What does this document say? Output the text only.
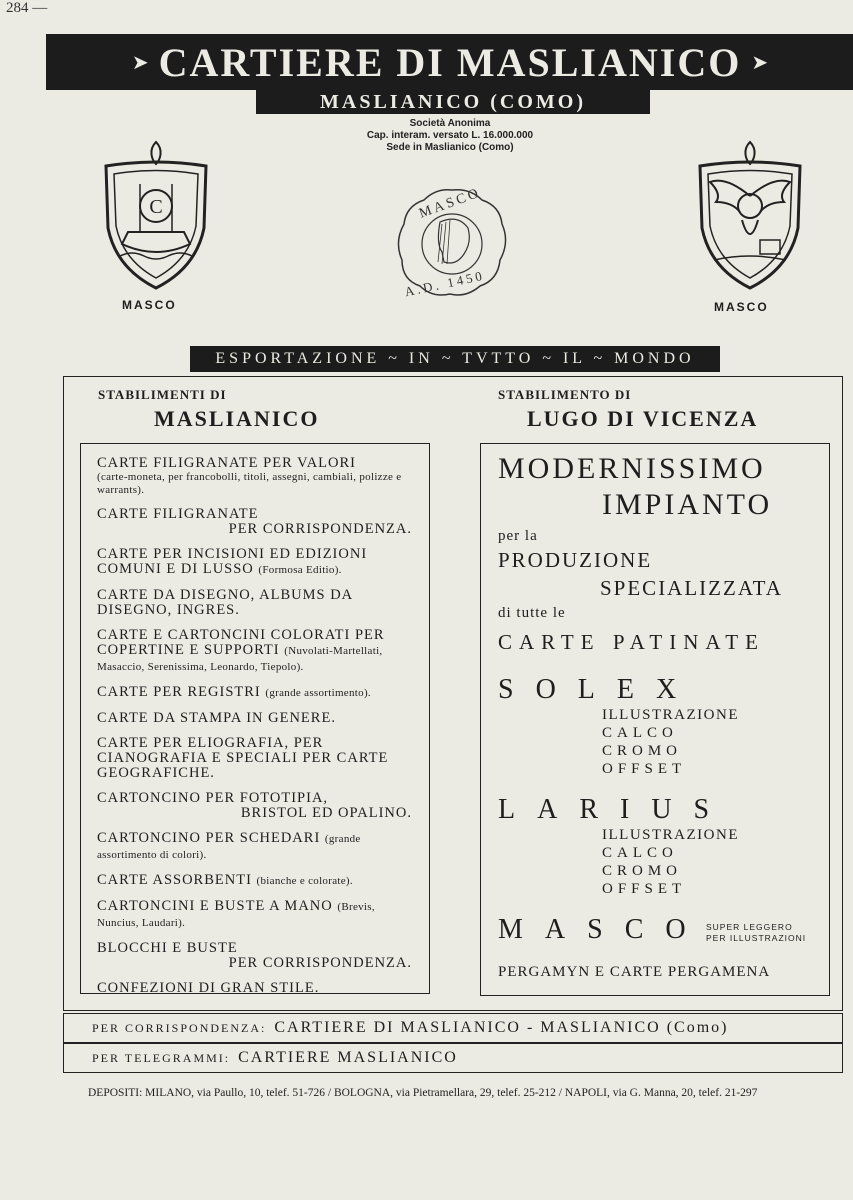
284 —
➤ CARTIERE DI MASLIANICO ➤
MASLIANICO (COMO)
Società Anonima
Cap. interam. versato L. 16.000.000
Sede in Maslianico (Como)
C
MASCO
MASCO
A.D. 1450
MASCO
ESPORTAZIONE ~ IN ~ TVTTO ~ IL ~ MONDO
STABILIMENTI DI
MASLIANICO
STABILIMENTO DI
LUGO DI VICENZA
CARTE FILIGRANATE PER VALORI
(carte-moneta, per francobolli, titoli, assegni, cambiali, polizze e warrants).
CARTE FILIGRANATE
PER CORRISPONDENZA.
CARTE PER INCISIONI ED EDIZIONI COMUNI E DI LUSSO (Formosa Editio).
CARTE DA DISEGNO, ALBUMS DA DISEGNO, INGRES.
CARTE E CARTONCINI COLORATI PER COPERTINE E SUPPORTI (Nuvolati-Martellati, Masaccio, Serenissima, Leonardo, Tiepolo).
CARTE PER REGISTRI (grande assortimento).
CARTE DA STAMPA IN GENERE.
CARTE PER ELIOGRAFIA, PER CIANOGRAFIA E SPECIALI PER CARTE GEOGRAFICHE.
CARTONCINO PER FOTOTIPIA,
BRISTOL ED OPALINO.
CARTONCINO PER SCHEDARI (grande assortimento di colori).
CARTE ASSORBENTI (bianche e colorate).
CARTONCINI E BUSTE A MANO (Brevis, Nuncius, Laudari).
BLOCCHI E BUSTE
PER CORRISPONDENZA.
CONFEZIONI DI GRAN STILE.
MODERNISSIMO
IMPIANTO
per la
PRODUZIONE
SPECIALIZZATA
di tutte le
CARTE PATINATE
SOLEX
ILLUSTRAZIONE
CALCO
CROMO
OFFSET
LARIUS
ILLUSTRAZIONE
CALCO
CROMO
OFFSET
MASCO
SUPER LEGGERO
PER ILLUSTRAZIONI
PERGAMYN E CARTE PERGAMENA
PER CORRISPONDENZA: CARTIERE DI MASLIANICO - MASLIANICO (Como)
PER TELEGRAMMI: CARTIERE MASLIANICO
DEPOSITI: MILANO, via Paullo, 10, telef. 51-726 / BOLOGNA, via Pietramellara, 29, telef. 25-212 / NAPOLI, via G. Manna, 20, telef. 21-297
